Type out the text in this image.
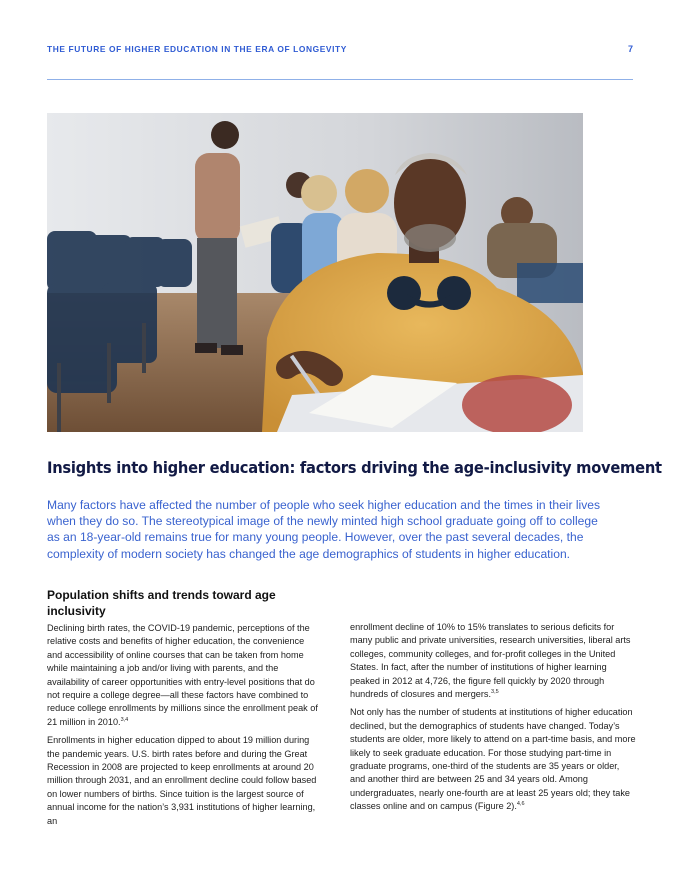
THE FUTURE OF HIGHER EDUCATION IN THE ERA OF LONGEVITY	7
Insights into higher education: factors driving the age-inclusivity movement

Many factors have affected the number of people who seek higher education and the times in their lives when they do so. The stereotypical image of the newly minted high school graduate going off to college as an 18-year-old remains true for many young people. However, over the past several decades, the complexity of modern society has changed the age demographics of students in higher education.

Population shifts and trends toward age inclusivity

Declining birth rates, the COVID-19 pandemic, perceptions of the relative costs and benefits of higher education, the convenience and accessibility of online courses that can be taken from home while maintaining a job and/or living with parents, and the availability of career opportunities with entry-level positions that do not require a college degree—all these factors have combined to reduce college enrollments by millions since the enrollment peak of 21 million in 2010.$^{3,4}$

Enrollments in higher education dipped to about 19 million during the pandemic years. U.S. birth rates before and during the Great Recession in 2008 are projected to keep enrollments at around 20 million through 2031, and an enrollment decline could follow based on lower numbers of births. Since tuition is the largest source of annual income for the nation’s 3,931 institutions of higher learning, an

enrollment decline of 10% to 15% translates to serious deficits for many public and private universities, research universities, liberal arts colleges, community colleges, and for-profit colleges in the United States. In fact, after the number of institutions of higher learning peaked in 2012 at 4,726, the figure fell quickly by 2020 through hundreds of closures and mergers.$^{3,5}$

Not only has the number of students at institutions of higher education declined, but the demographics of students have changed. Today’s students are older, more likely to attend on a part-time basis, and more likely to seek graduate education. For those studying part-time in graduate programs, one-third of the students are 35 years or older, and another third are between 25 and 34 years old. Among undergraduates, nearly one-fourth are at least 25 years old; they take classes online and on campus (Figure 2).$^{4,6}$
